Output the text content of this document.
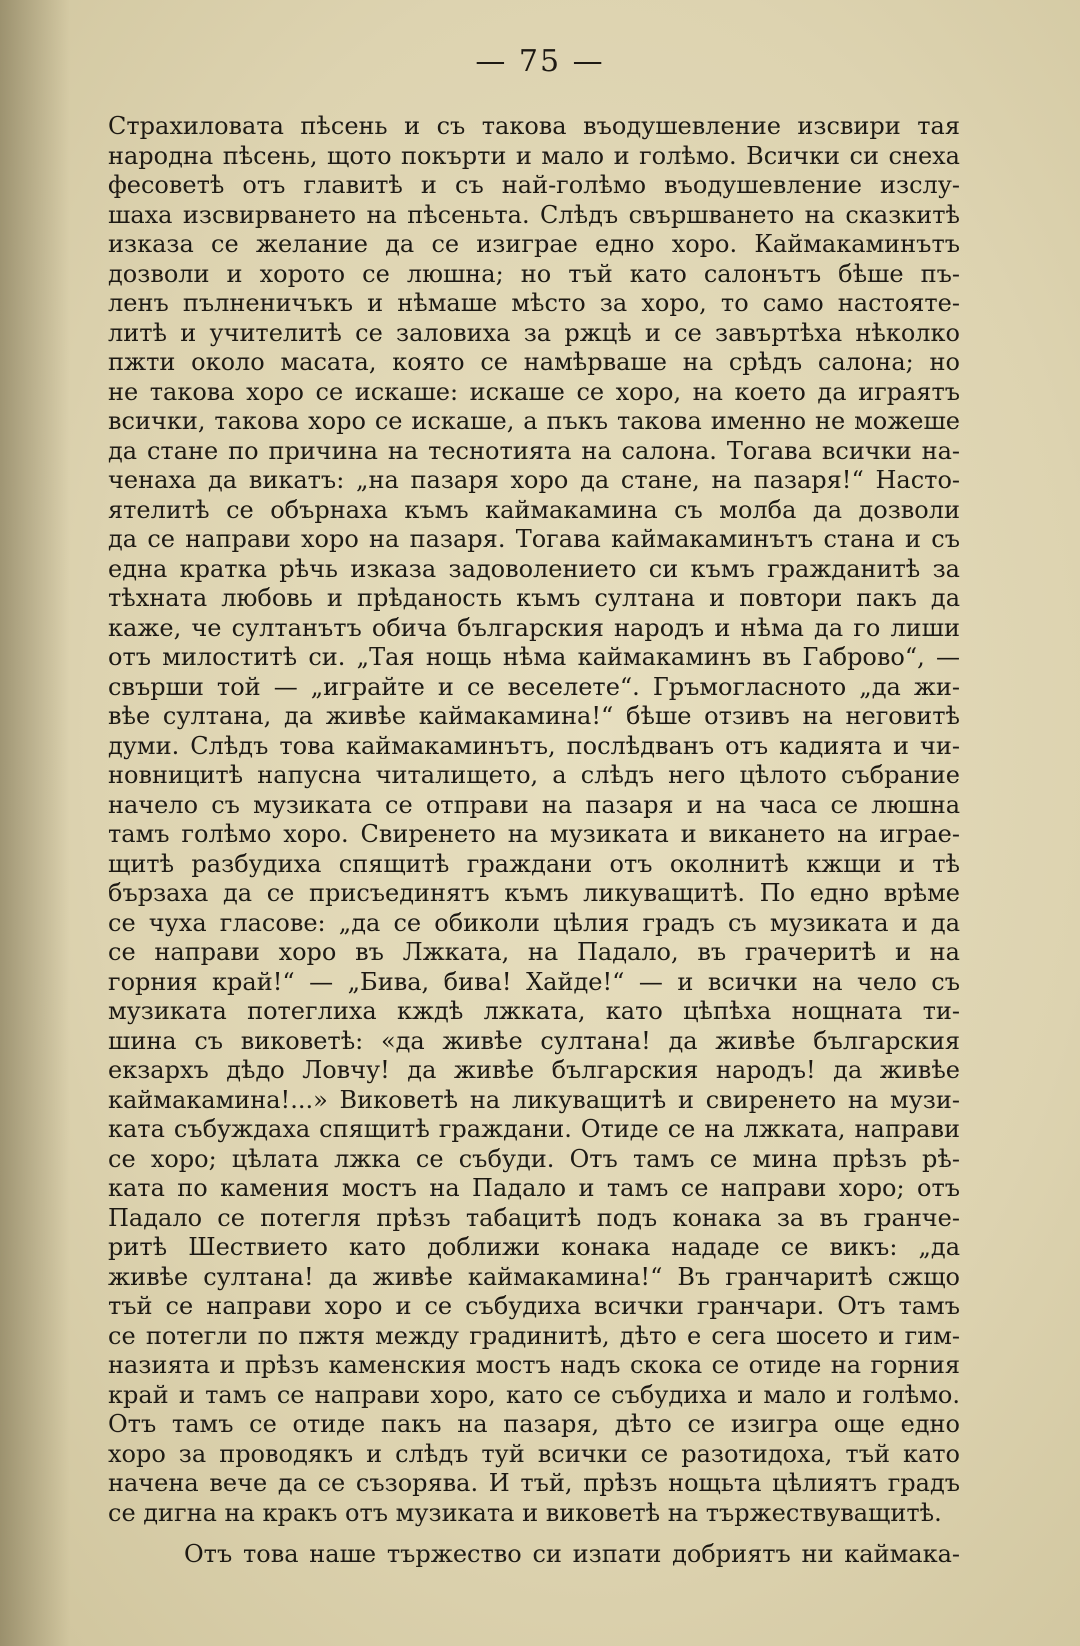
— 75 —
Страхиловата пѣсень и съ такова въодушевление изсвири тая
народна пѣсень, щото покърти и мало и голѣмо. Всички си снеха
фесоветѣ отъ главитѣ и съ най-голѣмо въодушевление изслу-
шаха изсвирването на пѣсеньта. Слѣдъ свършването на сказкитѣ
изказа се желание да се изиграе едно хоро. Каймакаминътъ
дозволи и хорото се люшна; но тъй като салонътъ бѣше пъ-
ленъ пълненичъкъ и нѣмаше мѣсто за хоро, то само настояте-
литѣ и учителитѣ се заловиха за ржцѣ и се завъртѣха нѣколко
пжти около масата, която се намѣрваше на срѣдъ салона; но
не такова хоро се искаше: искаше се хоро, на което да играятъ
всички, такова хоро се искаше, а пъкъ такова именно не можеше
да стане по причина на теснотията на салона. Тогава всички на-
ченаха да викатъ: „на пазаря хоро да стане, на пазаря!“ Насто-
ятелитѣ се обърнаха къмъ каймакамина съ молба да дозволи
да се направи хоро на пазаря. Тогава каймакаминътъ стана и съ
една кратка рѣчь изказа задоволението си къмъ гражданитѣ за
тѣхната любовь и прѣданость къмъ султана и повтори пакъ да
каже, че султанътъ обича българския народъ и нѣма да го лиши
отъ милоститѣ си. „Тая нощь нѣма каймакаминъ въ Габрово“, —
свърши той — „играйте и се веселете“. Гръмогласното „да жи-
вѣе султана, да живѣе каймакамина!“ бѣше отзивъ на неговитѣ
думи. Слѣдъ това каймакаминътъ, послѣдванъ отъ кадията и чи-
новницитѣ напусна читалището, а слѣдъ него цѣлото събрание
начело съ музиката се отправи на пазаря и на часа се люшна
тамъ голѣмо хоро. Свиренето на музиката и виканeто на играе-
щитѣ разбудиха спящитѣ граждани отъ околнитѣ кжщи и тѣ
бързаха да се присъединятъ къмъ ликуващитѣ. По едно врѣме
се чуха гласове: „да се обиколи цѣлия градъ съ музиката и да
се направи хоро въ Лжката, на Падало, въ грачеритѣ и на
горния край!“ — „Бива, бива! Хайде!“ — и всички на чело съ
музиката потеглиха кждѣ лжката, като цѣпѣха нощната ти-
шина съ виковетѣ: «да живѣе султана! да живѣе българския
екзархъ дѣдо Ловчу! да живѣе българския народъ! да живѣе
каймакамина!...» Виковетѣ на ликуващитѣ и свиренето на музи-
ката събуждаха спящитѣ граждани. Отиде се на лжката, направи
се хоро; цѣлата лжка се събуди. Отъ тамъ се мина прѣзъ рѣ-
ката по камения мостъ на Падало и тамъ се направи хоро; отъ
Падало се потегля прѣзъ табацитѣ подъ конака за въ гранче-
ритѣ Шествието като доближи конака нададе се викъ: „да
живѣе султана! да живѣе каймакамина!“ Въ гранчаритѣ сжщо
тъй се направи хоро и се събудиха всички гранчари. Отъ тамъ
се потегли по пжтя между градинитѣ, дѣто е сега шосето и гим-
назията и прѣзъ каменския мостъ надъ скока се отиде на горния
край и тамъ се направи хоро, като се събудиха и мало и голѣмо.
Отъ тамъ се отиде пакъ на пазаря, дѣто се изигра още едно
хоро за проводякъ и слѣдъ туй всички се разотидоха, тъй като
начена вече да се съзорява. И тъй, прѣзъ нощьта цѣлиятъ градъ
се дигна на кракъ отъ музиката и виковетѣ на тържествуващитѣ.
Отъ това наше тържество си изпати добриятъ ни каймака-
